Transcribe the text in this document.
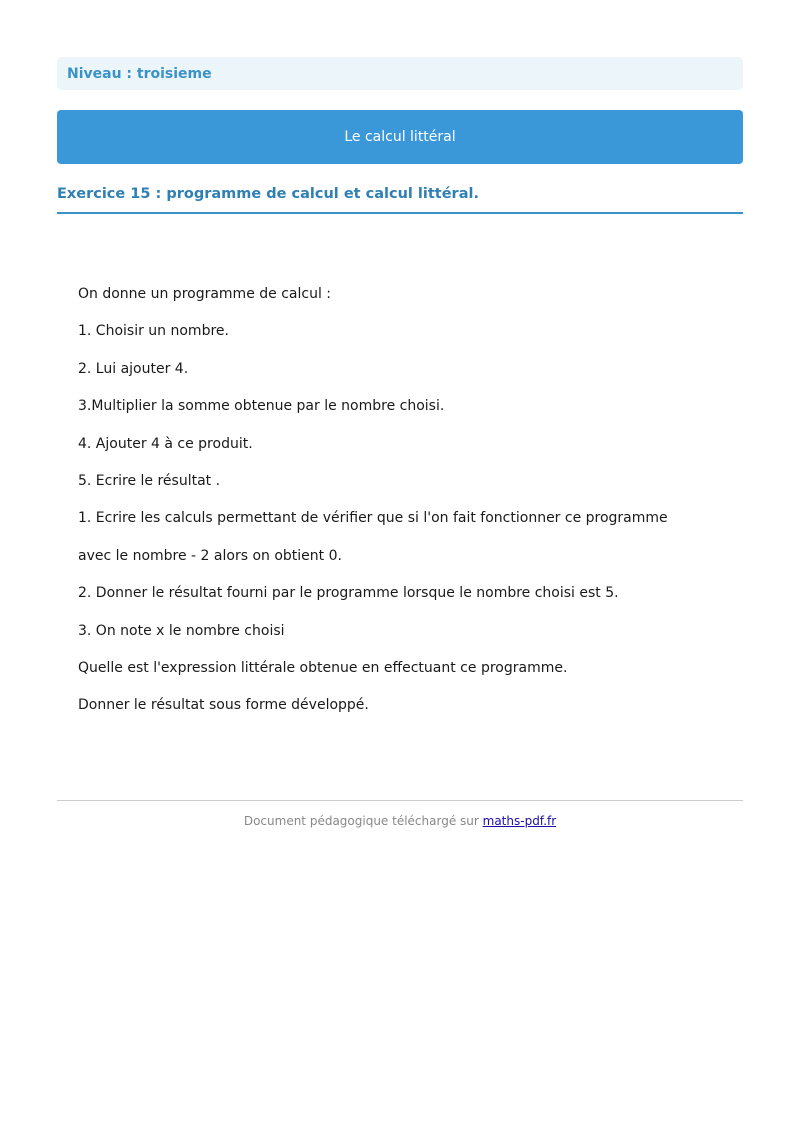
Niveau : troisieme
Le calcul littéral
Exercice 15 : programme de calcul et calcul littéral.
On donne un programme de calcul :
1. Choisir un nombre.
2. Lui ajouter 4.
3.Multiplier la somme obtenue par le nombre choisi.
4. Ajouter 4 à ce produit.
5. Ecrire le résultat .
1. Ecrire les calculs permettant de vérifier que si l'on fait fonctionner ce programme
avec le nombre - 2 alors on obtient 0.
2. Donner le résultat fourni par le programme lorsque le nombre choisi est 5.
3. On note x le nombre choisi
Quelle est l'expression littérale obtenue en effectuant ce programme.
Donner le résultat sous forme développé.
Document pédagogique téléchargé sur maths-pdf.fr
